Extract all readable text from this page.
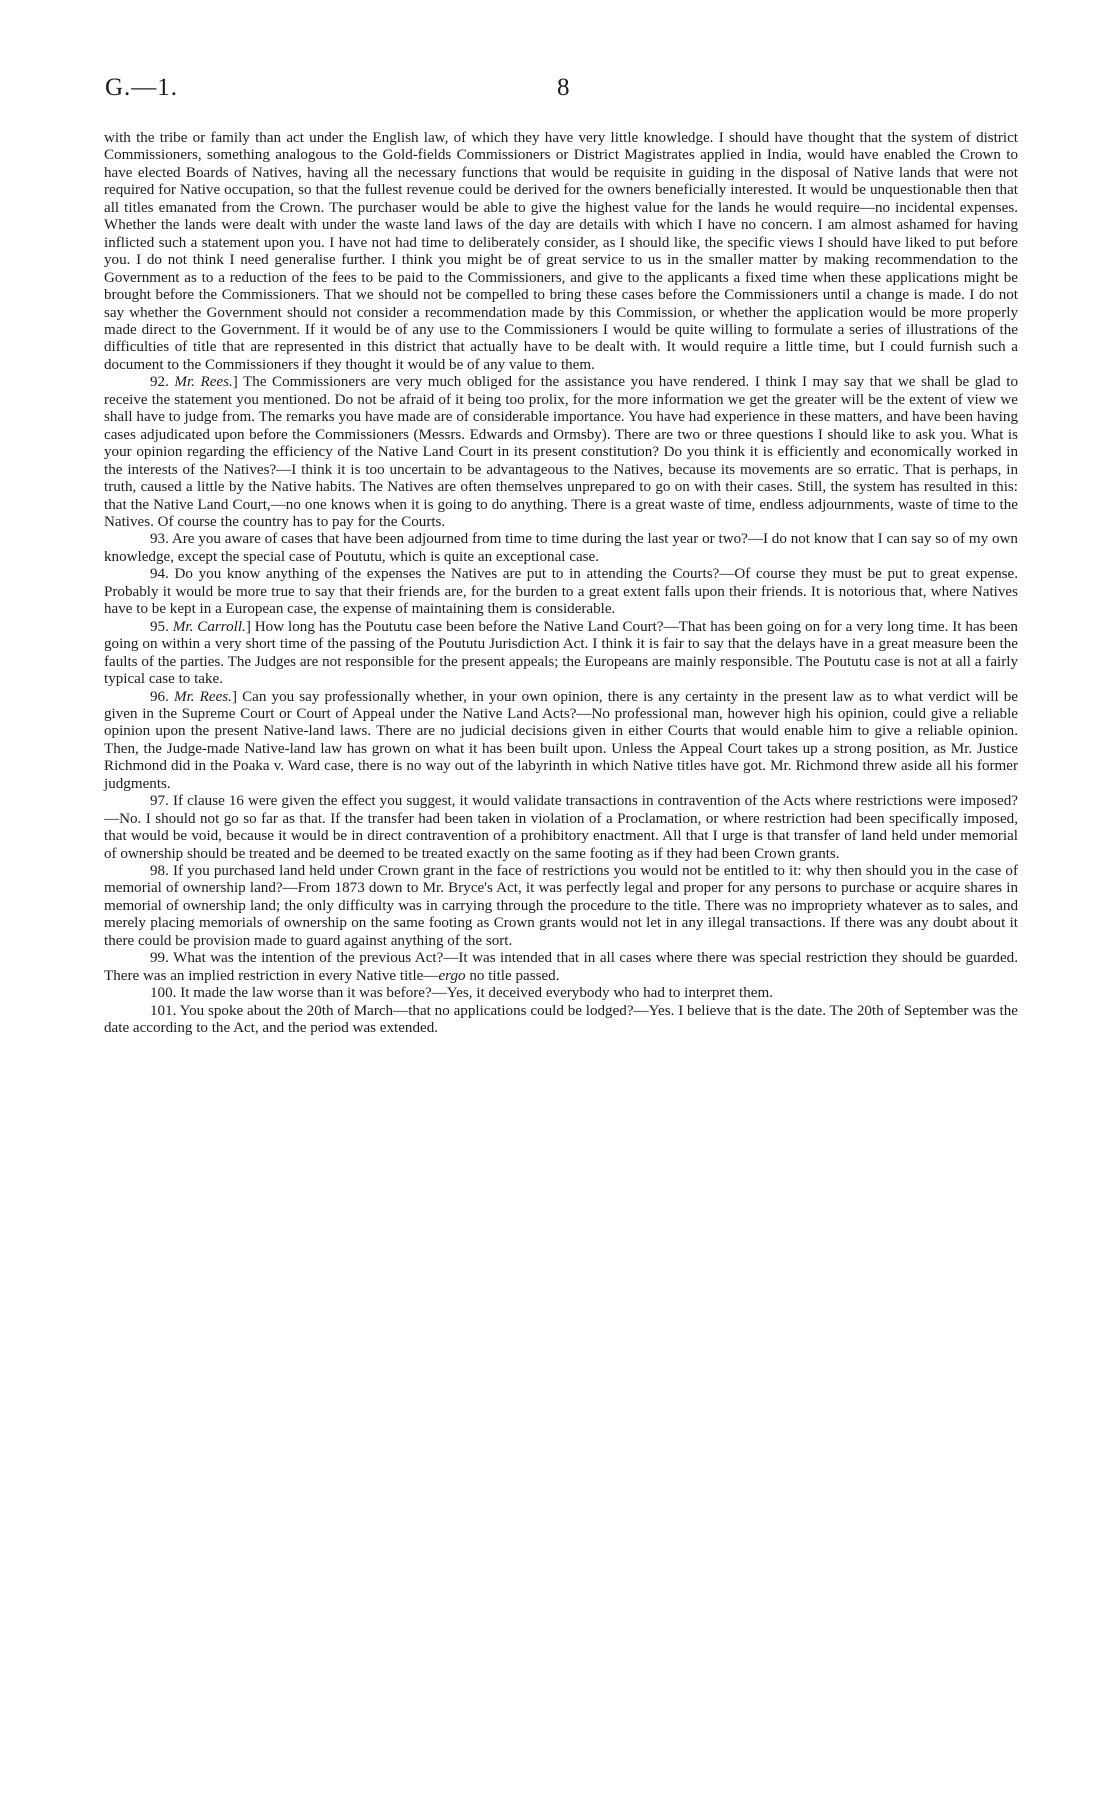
G.—1.	8

with the tribe or family than act under the English law, of which they have very little knowledge. I should have thought that the system of district Commissioners, something analogous to the Gold-fields Commissioners or District Magistrates applied in India, would have enabled the Crown to have elected Boards of Natives, having all the necessary functions that would be requisite in guiding in the disposal of Native lands that were not required for Native occupation, so that the fullest revenue could be derived for the owners beneficially interested. It would be unquestionable then that all titles emanated from the Crown. The purchaser would be able to give the highest value for the lands he would require—no incidental expenses. Whether the lands were dealt with under the waste land laws of the day are details with which I have no concern. I am almost ashamed for having inflicted such a statement upon you. I have not had time to deliberately consider, as I should like, the specific views I should have liked to put before you. I do not think I need generalise further. I think you might be of great service to us in the smaller matter by making recommendation to the Government as to a reduction of the fees to be paid to the Commissioners, and give to the applicants a fixed time when these applications might be brought before the Commissioners. That we should not be compelled to bring these cases before the Commissioners until a change is made. I do not say whether the Government should not consider a recommendation made by this Commission, or whether the application would be more properly made direct to the Government. If it would be of any use to the Commissioners I would be quite willing to formulate a series of illustrations of the difficulties of title that are represented in this district that actually have to be dealt with. It would require a little time, but I could furnish such a document to the Commissioners if they thought it would be of any value to them.

92. Mr. Rees.] The Commissioners are very much obliged for the assistance you have rendered. I think I may say that we shall be glad to receive the statement you mentioned. Do not be afraid of it being too prolix, for the more information we get the greater will be the extent of view we shall have to judge from. The remarks you have made are of considerable importance. You have had experience in these matters, and have been having cases adjudicated upon before the Commissioners (Messrs. Edwards and Ormsby). There are two or three questions I should like to ask you. What is your opinion regarding the efficiency of the Native Land Court in its present constitution? Do you think it is efficiently and economically worked in the interests of the Natives?—I think it is too uncertain to be advantageous to the Natives, because its movements are so erratic. That is perhaps, in truth, caused a little by the Native habits. The Natives are often themselves unprepared to go on with their cases. Still, the system has resulted in this: that the Native Land Court,—no one knows when it is going to do anything. There is a great waste of time, endless adjournments, waste of time to the Natives. Of course the country has to pay for the Courts.

93. Are you aware of cases that have been adjourned from time to time during the last year or two?—I do not know that I can say so of my own knowledge, except the special case of Poututu, which is quite an exceptional case.

94. Do you know anything of the expenses the Natives are put to in attending the Courts?—Of course they must be put to great expense. Probably it would be more true to say that their friends are, for the burden to a great extent falls upon their friends. It is notorious that, where Natives have to be kept in a European case, the expense of maintaining them is considerable.

95. Mr. Carroll.] How long has the Poututu case been before the Native Land Court?—That has been going on for a very long time. It has been going on within a very short time of the passing of the Poututu Jurisdiction Act. I think it is fair to say that the delays have in a great measure been the faults of the parties. The Judges are not responsible for the present appeals; the Europeans are mainly responsible. The Poututu case is not at all a fairly typical case to take.

96. Mr. Rees.] Can you say professionally whether, in your own opinion, there is any certainty in the present law as to what verdict will be given in the Supreme Court or Court of Appeal under the Native Land Acts?—No professional man, however high his opinion, could give a reliable opinion upon the present Native-land laws. There are no judicial decisions given in either Courts that would enable him to give a reliable opinion. Then, the Judge-made Native-land law has grown on what it has been built upon. Unless the Appeal Court takes up a strong position, as Mr. Justice Richmond did in the Poaka v. Ward case, there is no way out of the labyrinth in which Native titles have got. Mr. Richmond threw aside all his former judgments.

97. If clause 16 were given the effect you suggest, it would validate transactions in contravention of the Acts where restrictions were imposed?—No. I should not go so far as that. If the transfer had been taken in violation of a Proclamation, or where restriction had been specifically imposed, that would be void, because it would be in direct contravention of a prohibitory enactment. All that I urge is that transfer of land held under memorial of ownership should be treated and be deemed to be treated exactly on the same footing as if they had been Crown grants.

98. If you purchased land held under Crown grant in the face of restrictions you would not be entitled to it: why then should you in the case of memorial of ownership land?—From 1873 down to Mr. Bryce's Act, it was perfectly legal and proper for any persons to purchase or acquire shares in memorial of ownership land; the only difficulty was in carrying through the procedure to the title. There was no impropriety whatever as to sales, and merely placing memorials of ownership on the same footing as Crown grants would not let in any illegal transactions. If there was any doubt about it there could be provision made to guard against anything of the sort.

99. What was the intention of the previous Act?—It was intended that in all cases where there was special restriction they should be guarded. There was an implied restriction in every Native title—ergo no title passed.

100. It made the law worse than it was before?—Yes, it deceived everybody who had to interpret them.

101. You spoke about the 20th of March—that no applications could be lodged?—Yes. I believe that is the date. The 20th of September was the date according to the Act, and the period was extended.
